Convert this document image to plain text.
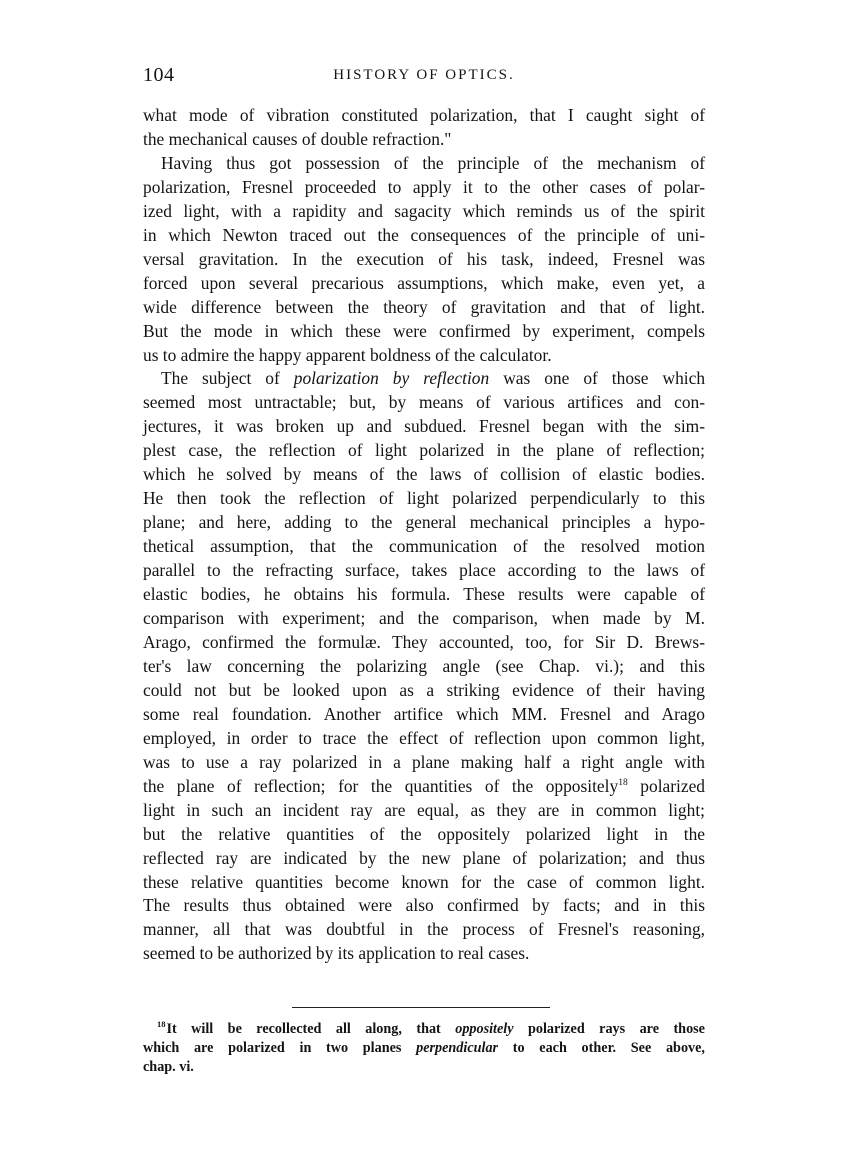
104	HISTORY OF OPTICS.

what mode of vibration constituted polarization, that I caught sight of
the mechanical causes of double refraction."

Having thus got possession of the principle of the mechanism of
polarization, Fresnel proceeded to apply it to the other cases of polar-
ized light, with a rapidity and sagacity which reminds us of the spirit
in which Newton traced out the consequences of the principle of uni-
versal gravitation. In the execution of his task, indeed, Fresnel was
forced upon several precarious assumptions, which make, even yet, a
wide difference between the theory of gravitation and that of light.
But the mode in which these were confirmed by experiment, compels
us to admire the happy apparent boldness of the calculator.

The subject of polarization by reflection was one of those which
seemed most untractable; but, by means of various artifices and con-
jectures, it was broken up and subdued. Fresnel began with the sim-
plest case, the reflection of light polarized in the plane of reflection;
which he solved by means of the laws of collision of elastic bodies.
He then took the reflection of light polarized perpendicularly to this
plane; and here, adding to the general mechanical principles a hypo-
thetical assumption, that the communication of the resolved motion
parallel to the refracting surface, takes place according to the laws of
elastic bodies, he obtains his formula. These results were capable of
comparison with experiment; and the comparison, when made by M.
Arago, confirmed the formulæ. They accounted, too, for Sir D. Brews-
ter's law concerning the polarizing angle (see Chap. vi.); and this
could not but be looked upon as a striking evidence of their having
some real foundation. Another artifice which MM. Fresnel and Arago
employed, in order to trace the effect of reflection upon common light,
was to use a ray polarized in a plane making half a right angle with
the plane of reflection; for the quantities of the oppositely$^{18}$ polarized
light in such an incident ray are equal, as they are in common light;
but the relative quantities of the oppositely polarized light in the
reflected ray are indicated by the new plane of polarization; and thus
these relative quantities become known for the case of common light.
The results thus obtained were also confirmed by facts; and in this
manner, all that was doubtful in the process of Fresnel's reasoning,
seemed to be authorized by its application to real cases.

$^{18}$It will be recollected all along, that oppositely polarized rays are those
which are polarized in two planes perpendicular to each other. See above,
chap. vi.
